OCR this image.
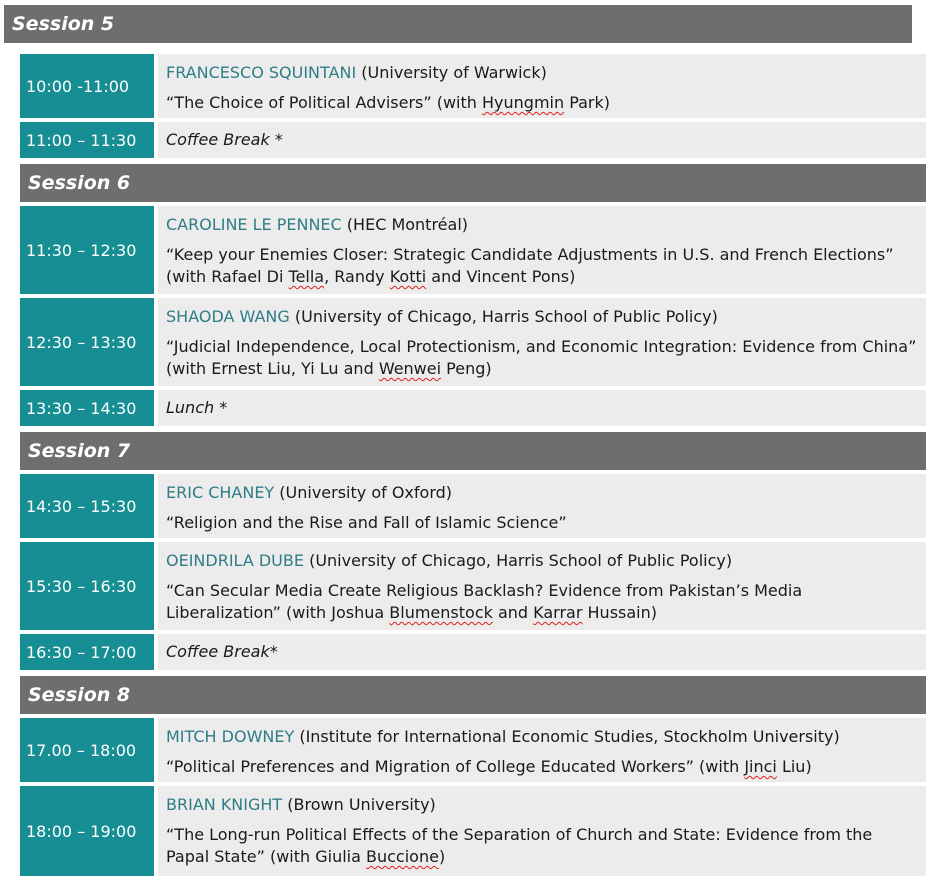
Session 5
10:00 -11:00
FRANCESCO SQUINTANI (University of Warwick)
“The Choice of Political Advisers” (with Hyungmin Park)
11:00 – 11:30 Coffee Break *
Session 6
11:30 – 12:30
CAROLINE LE PENNEC (HEC Montréal)
“Keep your Enemies Closer: Strategic Candidate Adjustments in U.S. and French Elections” (with Rafael Di Tella, Randy Kotti and Vincent Pons)
12:30 – 13:30
SHAODA WANG (University of Chicago, Harris School of Public Policy)
“Judicial Independence, Local Protectionism, and Economic Integration: Evidence from China” (with Ernest Liu, Yi Lu and Wenwei Peng)
13:30 – 14:30 Lunch *
Session 7
14:30 – 15:30
ERIC CHANEY (University of Oxford)
“Religion and the Rise and Fall of Islamic Science”
15:30 – 16:30
OEINDRILA DUBE (University of Chicago, Harris School of Public Policy)
“Can Secular Media Create Religious Backlash? Evidence from Pakistan’s Media Liberalization” (with Joshua Blumenstock and Karrar Hussain)
16:30 – 17:00 Coffee Break*
Session 8
17.00 – 18:00
MITCH DOWNEY (Institute for International Economic Studies, Stockholm University)
“Political Preferences and Migration of College Educated Workers” (with Jinci Liu)
18:00 – 19:00
BRIAN KNIGHT (Brown University)
“The Long-run Political Effects of the Separation of Church and State: Evidence from the Papal State” (with Giulia Buccione)
